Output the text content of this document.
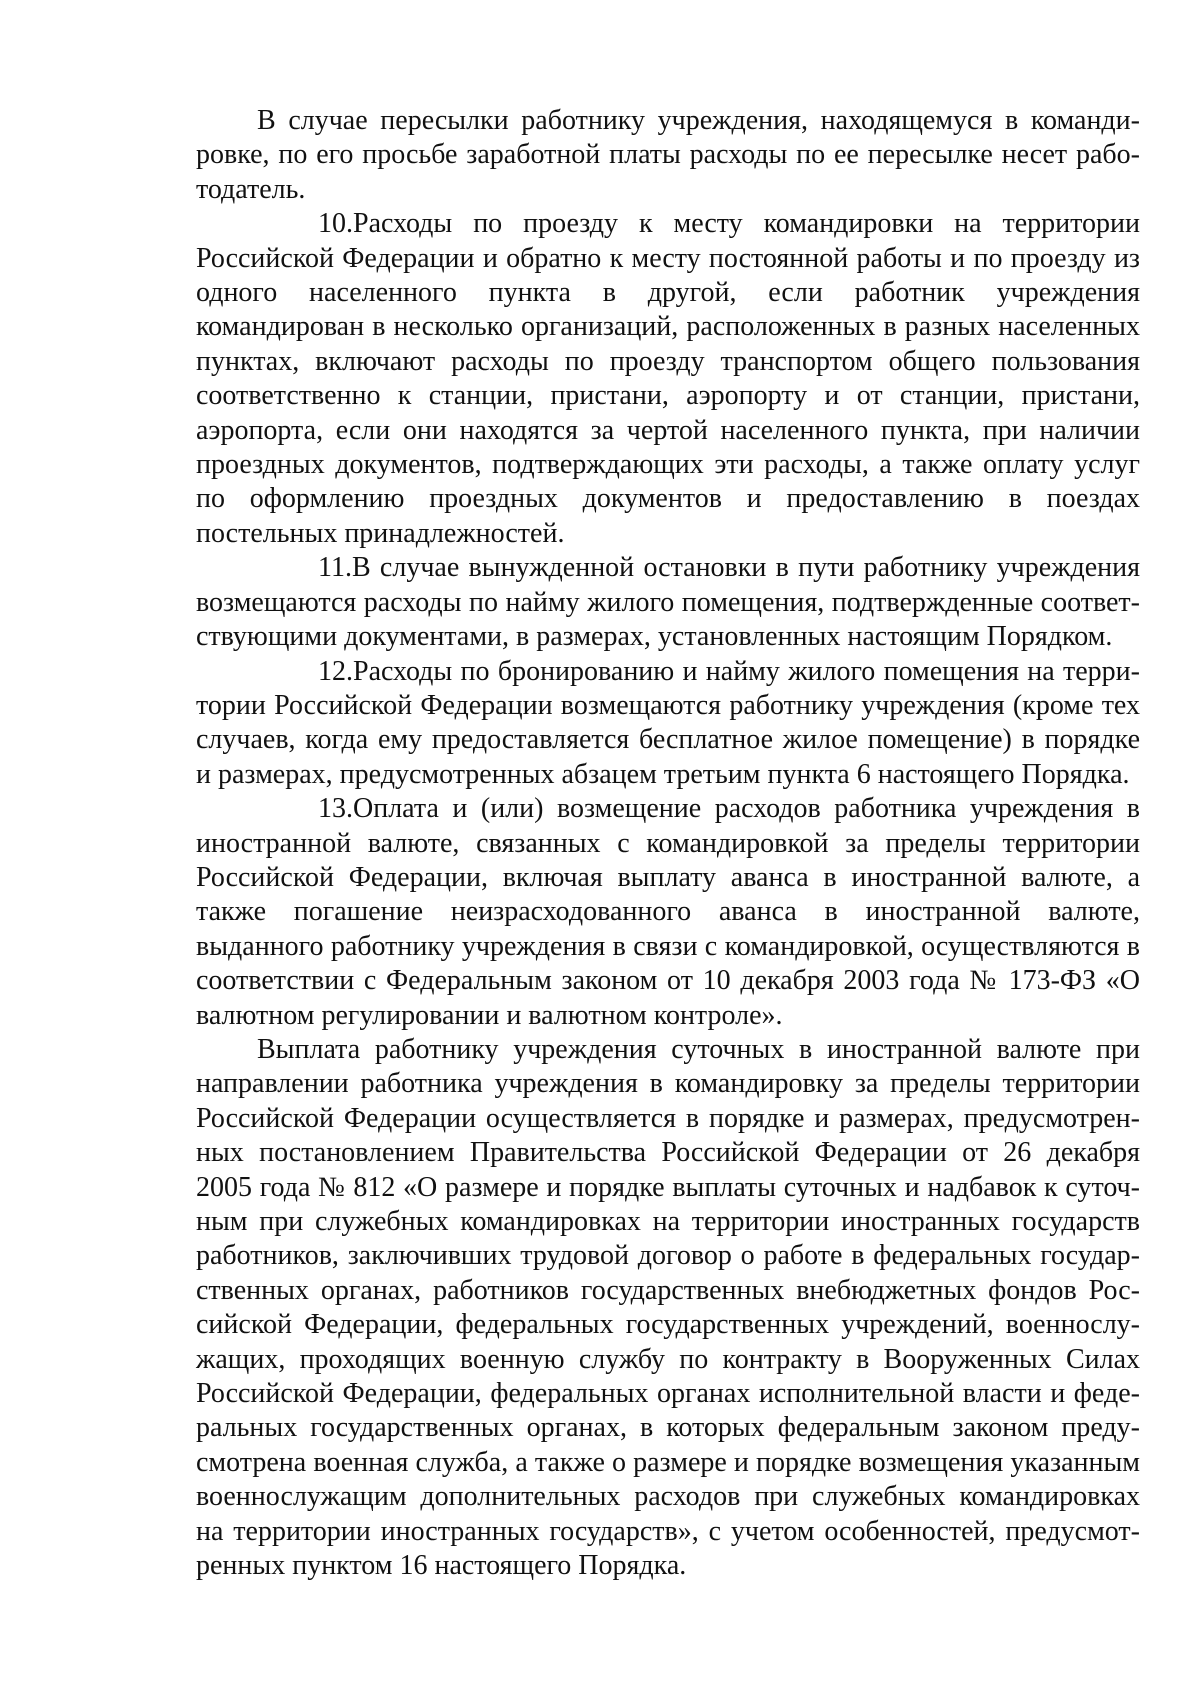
В случае пересылки работнику учреждения, находящемуся в командировке, по его просьбе заработной платы расходы по ее пересылке несет работодатель.

10.Расходы по проезду к месту командировки на территории Российской Федерации и обратно к месту постоянной работы и по проезду из одного населенного пункта в другой, если работник учреждения командирован в несколько организаций, расположенных в разных населенных пунктах, включают расходы по проезду транспортом общего пользования соответственно к станции, пристани, аэропорту и от станции, пристани, аэропорта, если они находятся за чертой населенного пункта, при наличии проездных документов, подтверждающих эти расходы, а также оплату услуг по оформлению проездных документов и предоставлению в поездах постельных принадлежностей.

11.В случае вынужденной остановки в пути работнику учреждения возмещаются расходы по найму жилого помещения, подтвержденные соответствующими документами, в размерах, установленных настоящим Порядком.

12.Расходы по бронированию и найму жилого помещения на территории Российской Федерации возмещаются работнику учреждения (кроме тех случаев, когда ему предоставляется бесплатное жилое помещение) в порядке и размерах, предусмотренных абзацем третьим пункта 6 настоящего Порядка.

13.Оплата и (или) возмещение расходов работника учреждения в иностранной валюте, связанных с командировкой за пределы территории Российской Федерации, включая выплату аванса в иностранной валюте, а также погашение неизрасходованного аванса в иностранной валюте, выданного работнику учреждения в связи с командировкой, осуществляются в соответствии с Федеральным законом от 10 декабря 2003 года № 173-ФЗ «О валютном регулировании и валютном контроле».

Выплата работнику учреждения суточных в иностранной валюте при направлении работника учреждения в командировку за пределы территории Российской Федерации осуществляется в порядке и размерах, предусмотренных постановлением Правительства Российской Федерации от 26 декабря 2005 года № 812 «О размере и порядке выплаты суточных и надбавок к суточным при служебных командировках на территории иностранных государств работников, заключивших трудовой договор о работе в федеральных государственных органах, работников государственных внебюджетных фондов Российской Федерации, федеральных государственных учреждений, военнослужащих, проходящих военную службу по контракту в Вооруженных Силах Российской Федерации, федеральных органах исполнительной власти и федеральных государственных органах, в которых федеральным законом предусмотрена военная служба, а также о размере и порядке возмещения указанным военнослужащим дополнительных расходов при служебных командировках на территории иностранных государств», с учетом особенностей, предусмотренных пунктом 16 настоящего Порядка.
